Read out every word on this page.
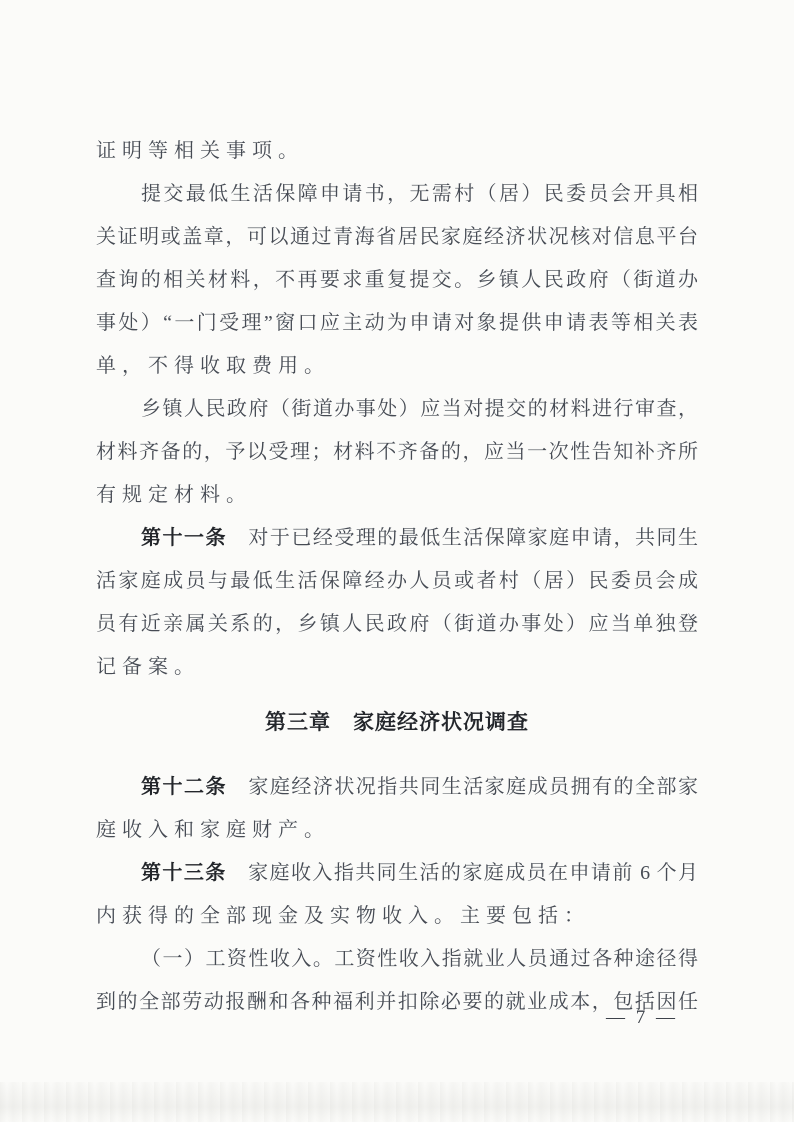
证明等相关事项。
提交最低生活保障申请书，无需村（居）民委员会开具相
关证明或盖章，可以通过青海省居民家庭经济状况核对信息平台
查询的相关材料，不再要求重复提交。乡镇人民政府（街道办
事处）“一门受理”窗口应主动为申请对象提供申请表等相关表
单，不得收取费用。
乡镇人民政府（街道办事处）应当对提交的材料进行审查，
材料齐备的，予以受理；材料不齐备的，应当一次性告知补齐所
有规定材料。
第十一条　对于已经受理的最低生活保障家庭申请，共同生
活家庭成员与最低生活保障经办人员或者村（居）民委员会成
员有近亲属关系的，乡镇人民政府（街道办事处）应当单独登
记备案。
第三章　家庭经济状况调查
第十二条　家庭经济状况指共同生活家庭成员拥有的全部家
庭收入和家庭财产。
第十三条　家庭收入指共同生活的家庭成员在申请前 6 个月
内获得的全部现金及实物收入。主要包括：
（一）工资性收入。工资性收入指就业人员通过各种途径得
到的全部劳动报酬和各种福利并扣除必要的就业成本，包括因任
— 7 —
